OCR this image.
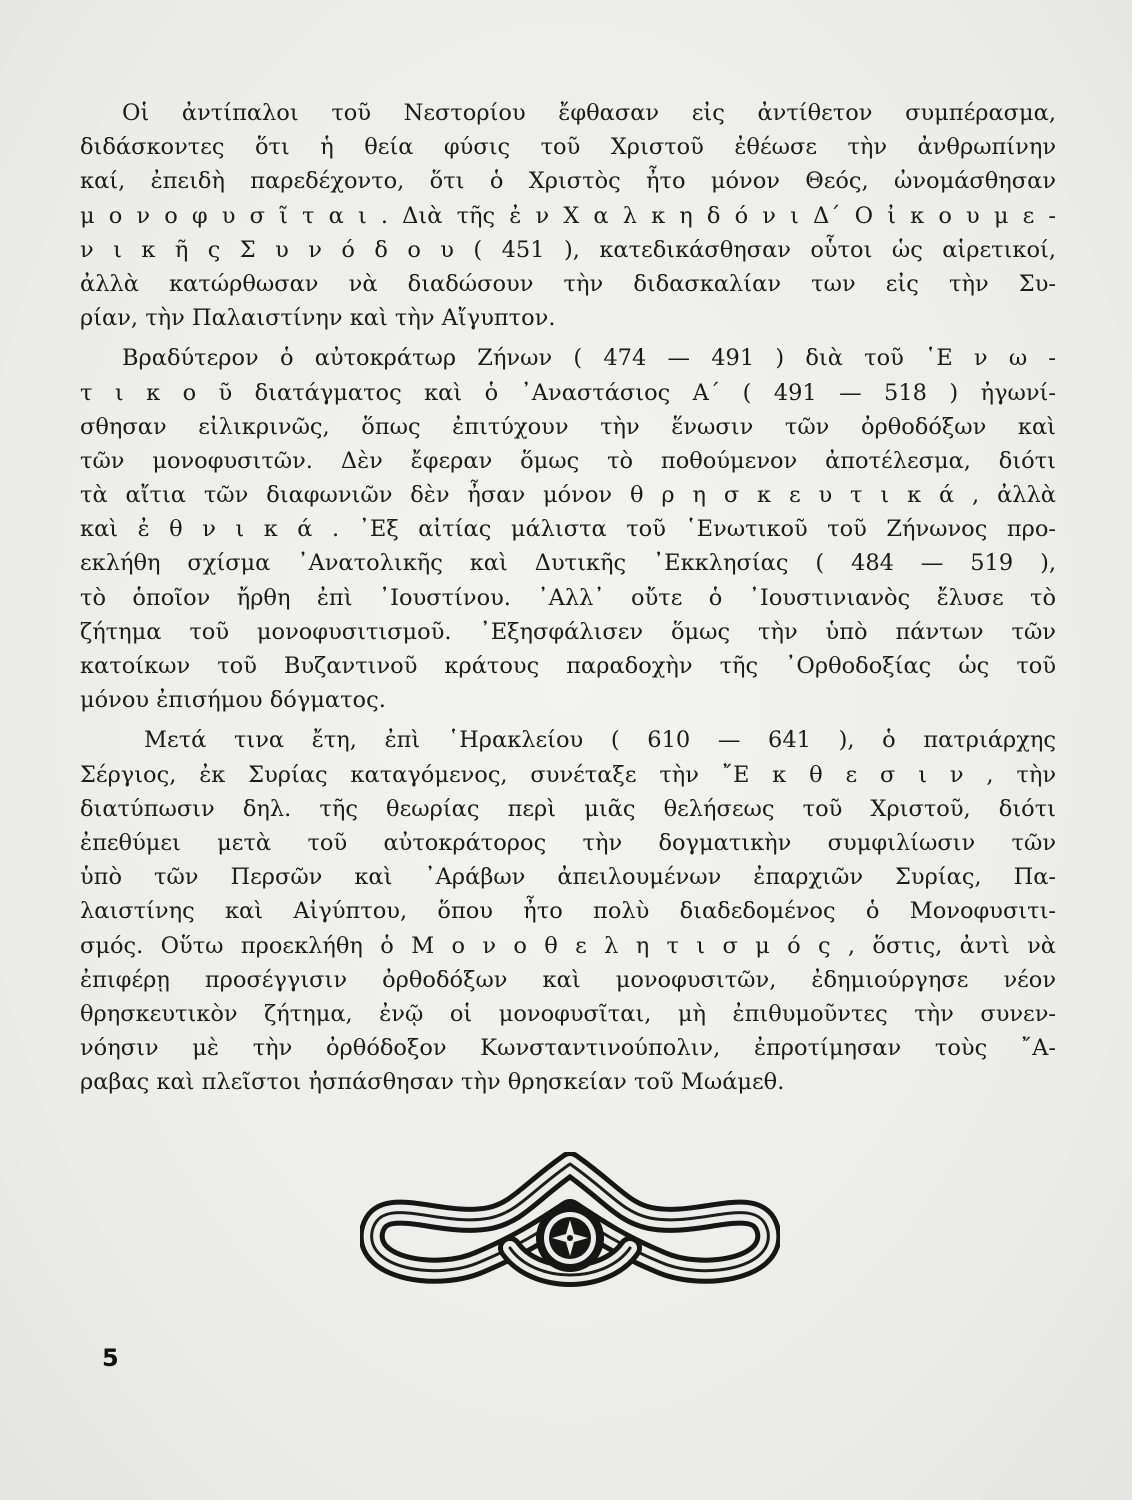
Οἱ ἀντίπαλοι τοῦ Νεστορίου ἔφθασαν εἰς ἀντίθετον συμπέρασμα,
διδάσκοντες ὅτι ἡ θεία φύσις τοῦ Χριστοῦ ἐθέωσε τὴν ἀνθρωπίνην
καί, ἐπειδὴ παρεδέχοντο, ὅτι ὁ Χριστὸς ἦτο μόνον Θεός, ὠνομάσθησαν
μ ο ν ο φ υ σ ῖ τ α ι . Διὰ τῆς ἐ ν Χ α λ κ η δ ό ν ι Δ΄ Ο ἰ κ ο υ μ ε -
ν ι κ ῆ ς Σ υ ν ό δ ο υ ( 451 ), κατεδικάσθησαν οὗτοι ὡς αἱρετικοί,
ἀλλὰ κατώρθωσαν νὰ διαδώσουν τὴν διδασκαλίαν των εἰς τὴν Συ-
ρίαν, τὴν Παλαιστίνην καὶ τὴν Αἴγυπτον.
Βραδύτερον ὁ αὐτοκράτωρ Ζήνων ( 474 — 491 ) διὰ τοῦ ῾Ε ν ω -
τ ι κ ο ῦ διατάγματος καὶ ὁ ᾿Αναστάσιος Α΄ ( 491 — 518 ) ἠγωνί-
σθησαν εἰλικρινῶς, ὅπως ἐπιτύχουν τὴν ἕνωσιν τῶν ὀρθοδόξων καὶ
τῶν μονοφυσιτῶν. Δὲν ἔφεραν ὅμως τὸ ποθούμενον ἀποτέλεσμα, διότι
τὰ αἴτια τῶν διαφωνιῶν δὲν ἦσαν μόνον θ ρ η σ κ ε υ τ ι κ ά , ἀλλὰ
καὶ ἐ θ ν ι κ ά . ᾿Εξ αἰτίας μάλιστα τοῦ ῾Ενωτικοῦ τοῦ Ζήνωνος προ-
εκλήθη σχίσμα ᾿Ανατολικῆς καὶ Δυτικῆς ᾿Εκκλησίας ( 484 — 519 ),
τὸ ὁποῖον ἤρθη ἐπὶ ᾿Ιουστίνου. ᾿Αλλ᾿ οὔτε ὁ ᾿Ιουστινιανὸς ἔλυσε τὸ
ζήτημα τοῦ μονοφυσιτισμοῦ. ᾿Εξησφάλισεν ὅμως τὴν ὑπὸ πάντων τῶν
κατοίκων τοῦ Βυζαντινοῦ κράτους παραδοχὴν τῆς ᾿Ορθοδοξίας ὡς τοῦ
μόνου ἐπισήμου δόγματος.
Μετά τινα ἔτη, ἐπὶ ῾Ηρακλείου ( 610 — 641 ), ὁ πατριάρχης
Σέργιος, ἐκ Συρίας καταγόμενος, συνέταξε τὴν ῎Ε κ θ ε σ ι ν , τὴν
διατύπωσιν δηλ. τῆς θεωρίας περὶ μιᾶς θελήσεως τοῦ Χριστοῦ, διότι
ἐπεθύμει μετὰ τοῦ αὐτοκράτορος τὴν δογματικὴν συμφιλίωσιν τῶν
ὑπὸ τῶν Περσῶν καὶ ᾿Αράβων ἀπειλουμένων ἐπαρχιῶν Συρίας, Πα-
λαιστίνης καὶ Αἰγύπτου, ὅπου ἦτο πολὺ διαδεδομένος ὁ Μονοφυσιτι-
σμός. Οὕτω προεκλήθη ὁ Μ ο ν ο θ ε λ η τ ι σ μ ό ς , ὅστις, ἀντὶ νὰ
ἐπιφέρῃ προσέγγισιν ὀρθοδόξων καὶ μονοφυσιτῶν, ἐδημιούργησε νέον
θρησκευτικὸν ζήτημα, ἐνῷ οἱ μονοφυσῖται, μὴ ἐπιθυμοῦντες τὴν συνεν-
νόησιν μὲ τὴν ὀρθόδοξον Κωνσταντινούπολιν, ἐπροτίμησαν τοὺς ῎Α-
ραβας καὶ πλεῖστοι ἠσπάσθησαν τὴν θρησκείαν τοῦ Μωάμεθ.
5
